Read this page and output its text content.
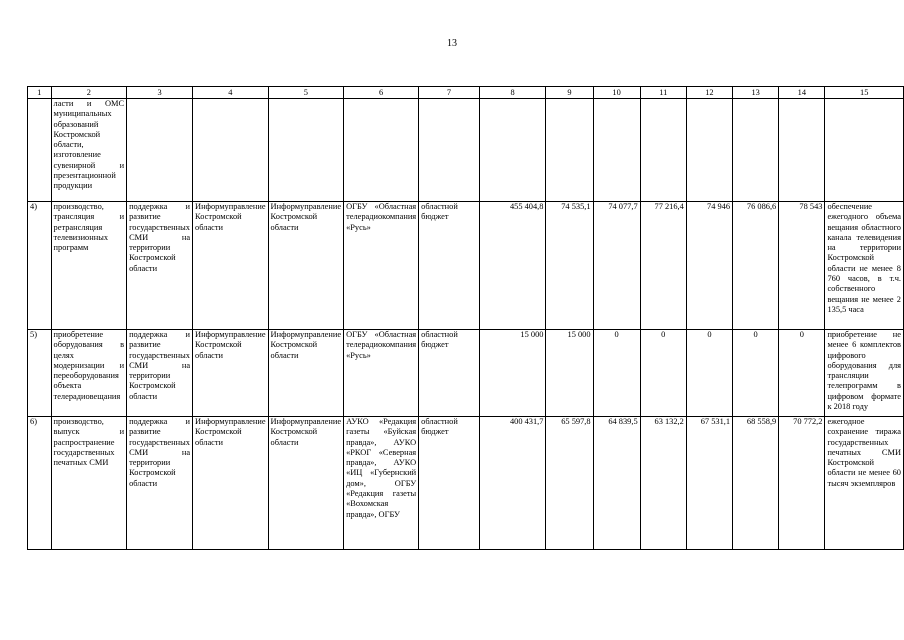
13
1	2	3	4	5	6	7	8	9	10	11	12	13	14	15
	ласти и ОМС муниципальных образований Костромской области, изготовление сувенирной и презентационной продукции													
4)	производство, трансляция и ретрансляция телевизионных программ	поддержка и развитие государственных СМИ на территории Костромской области	Информуправление Костромской области	Информуправление Костромской области	ОГБУ «Областная телерадиокомпания «Русь»	областной бюджет	455 404,8	74 535,1	74 077,7	77 216,4	74 946	76 086,6	78 543	обеспечение ежегодного объема вещания областного канала телевидения на территории Костромской области не менее 8 760 часов, в т.ч. собственного вещания не менее 2 135,5 часа
5)	приобретение оборудования в целях модернизации и переоборудования объекта телерадиовещания	поддержка и развитие государственных СМИ на территории Костромской области	Информуправление Костромской области	Информуправление Костромской области	ОГБУ «Областная телерадиокомпания «Русь»	областной бюджет	15 000	15 000	0	0	0	0	0	приобретение не менее 6 комплектов цифрового оборудования для трансляции телепрограмм в цифровом формате к 2018 году
6)	производство, выпуск и распространение государственных печатных СМИ	поддержка и развитие государственных СМИ на территории Костромской области	Информуправление Костромской области	Информуправление Костромской области	АУКО «Редакция газеты «Буйская правда», АУКО «РКОГ «Северная правда», АУКО «ИЦ «Губернский дом», ОГБУ «Редакция газеты «Вохомская правда», ОГБУ	областной бюджет	400 431,7	65 597,8	64 839,5	63 132,2	67 531,1	68 558,9	70 772,2	ежегодное сохранение тиража государственных печатных СМИ Костромской области не менее 60 тысяч экземпляров
